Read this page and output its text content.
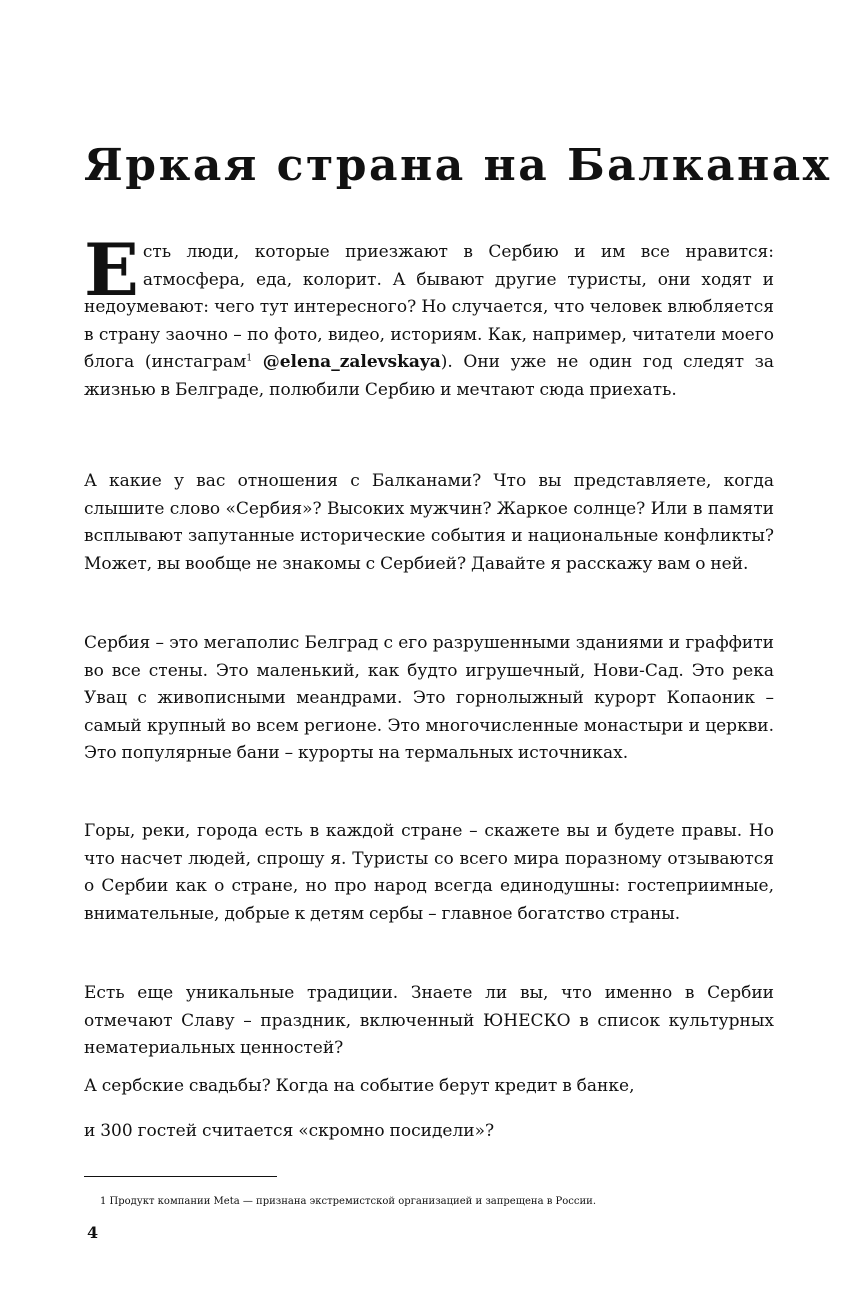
Яркая страна на Балканах

Есть люди, которые приезжают в Сербию и им все нравится: атмосфера, еда, колорит. А бывают другие туристы, они ходят и недоумевают: чего тут интересного? Но случается, что человек влюбляется в страну заочно – по фото, видео, историям. Как, например, читатели моего блога (инстаграм$^1$ @elena_zalevskaya). Они уже не один год следят за жизнью в Белграде, полюбили Сербию и мечтают сюда приехать.

А какие у вас отношения с Балканами? Что вы представляете, когда слышите слово «Сербия»? Высоких мужчин? Жаркое солнце? Или в памяти всплывают запутанные исторические события и национальные конфликты? Может, вы вообще не знакомы с Сербией? Давайте я расскажу вам о ней.

Сербия – это мегаполис Белград с его разрушенными зданиями и граффити во все стены. Это маленький, как будто игрушечный, Нови-Сад. Это река Увац с живописными меандрами. Это горнолыжный курорт Копаоник – самый крупный во всем регионе. Это многочисленные монастыри и церкви. Это популярные бани – курорты на термальных источниках.

Горы, реки, города есть в каждой стране – скажете вы и будете правы. Но что насчет людей, спрошу я. Туристы со всего мира поразному отзываются о Сербии как о стране, но про народ всегда единодушны: гостеприимные, внимательные, добрые к детям сербы – главное богатство страны.

Есть еще уникальные традиции. Знаете ли вы, что именно в Сербии отмечают Славу – праздник, включенный ЮНЕСКО в список культурных нематериальных ценностей?

А сербские свадьбы? Когда на событие берут кредит в банке,

и 300 гостей считается «скромно посидели»?

1 Продукт компании Meta — признана экстремистской организацией и запрещена в России.

4
